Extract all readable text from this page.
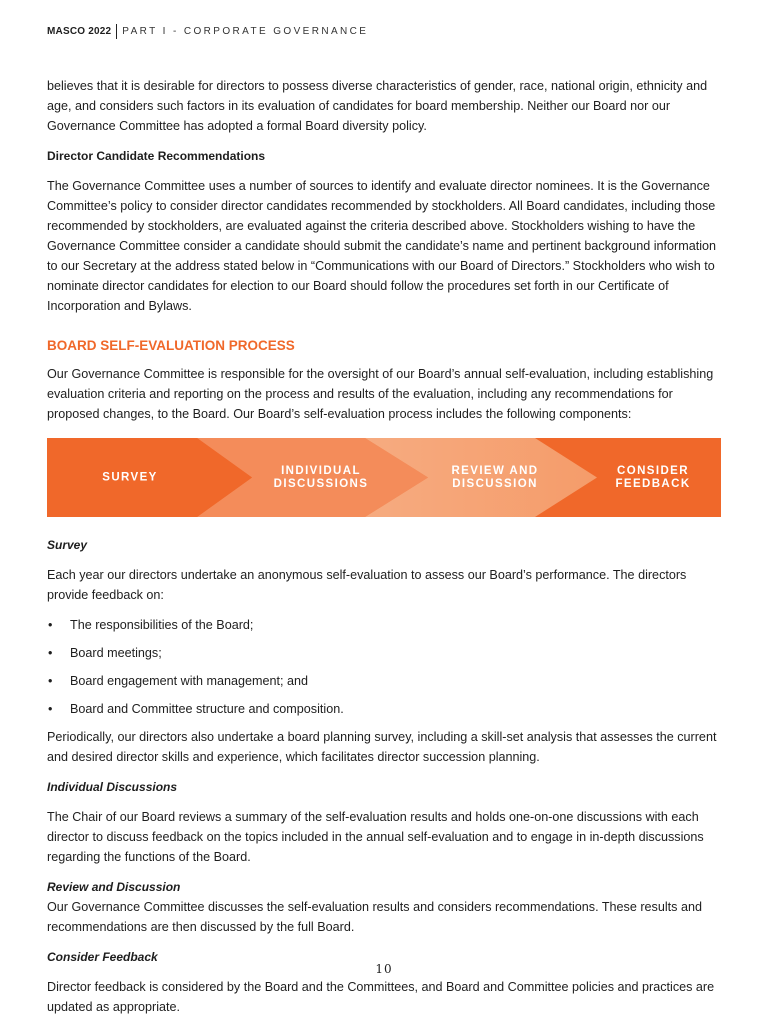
MASCO 2022 PART I - CORPORATE GOVERNANCE

believes that it is desirable for directors to possess diverse characteristics of gender, race, national origin, ethnicity and age, and considers such factors in its evaluation of candidates for board membership. Neither our Board nor our Governance Committee has adopted a formal Board diversity policy.

Director Candidate Recommendations

The Governance Committee uses a number of sources to identify and evaluate director nominees. It is the Governance Committee’s policy to consider director candidates recommended by stockholders. All Board candidates, including those recommended by stockholders, are evaluated against the criteria described above. Stockholders wishing to have the Governance Committee consider a candidate should submit the candidate’s name and pertinent background information to our Secretary at the address stated below in “Communications with our Board of Directors.” Stockholders who wish to nominate director candidates for election to our Board should follow the procedures set forth in our Certificate of Incorporation and Bylaws.

BOARD SELF-EVALUATION PROCESS

Our Governance Committee is responsible for the oversight of our Board’s annual self-evaluation, including establishing evaluation criteria and reporting on the process and results of the evaluation, including any recommendations for proposed changes, to the Board. Our Board’s self-evaluation process includes the following components:

SURVEY
INDIVIDUAL
DISCUSSIONS
REVIEW AND
DISCUSSION
CONSIDER
FEEDBACK
Survey

Each year our directors undertake an anonymous self-evaluation to assess our Board’s performance. The directors provide feedback on:

• The responsibilities of the Board;
• Board meetings;
• Board engagement with management; and
• Board and Committee structure and composition.

Periodically, our directors also undertake a board planning survey, including a skill-set analysis that assesses the current and desired director skills and experience, which facilitates director succession planning.

Individual Discussions

The Chair of our Board reviews a summary of the self-evaluation results and holds one-on-one discussions with each director to discuss feedback on the topics included in the annual self-evaluation and to engage in in-depth discussions regarding the functions of the Board.

Review and Discussion

Our Governance Committee discusses the self-evaluation results and considers recommendations. These results and recommendations are then discussed by the full Board.

Consider Feedback

Director feedback is considered by the Board and the Committees, and Board and Committee policies and practices are updated as appropriate.

10
